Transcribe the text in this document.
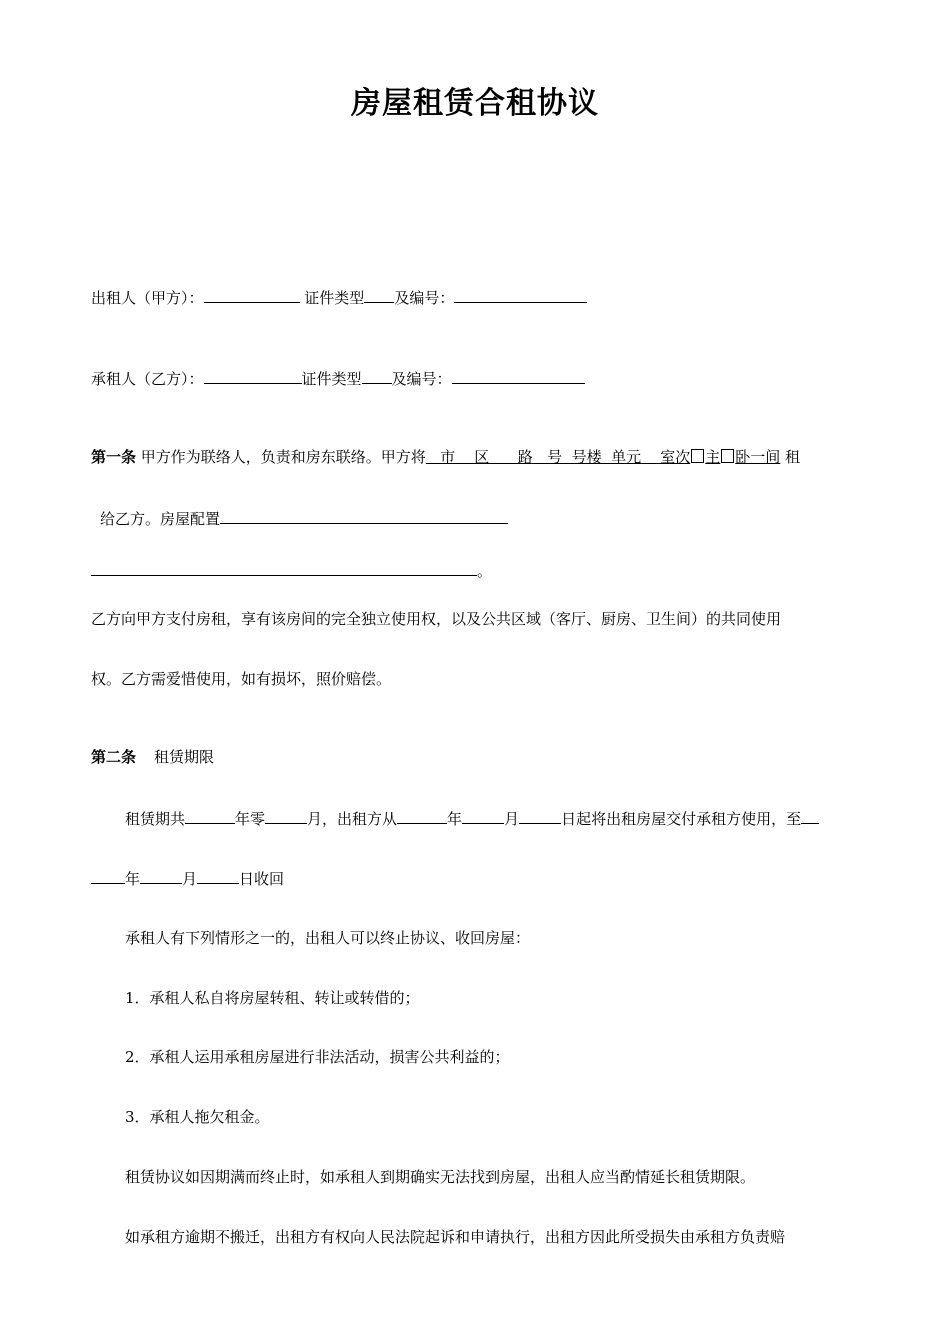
房屋租赁合租协议
出租人（甲方）：	证件类型 及编号：
承租人（乙方）：	证件类型 及编号：
第一条 甲方作为联络人，负责和房东联络。甲方将   市    区      路   号  号楼  单元    室次 主 卧一间 租
给乙方。房屋配置
。
乙方向甲方支付房租，享有该房间的完全独立使用权，以及公共区域（客厅、厨房、卫生间）的共同使用
权。乙方需爱惜使用，如有损坏，照价赔偿。
第二条 租赁期限
租赁期共	年零	月，出租方从	年	月	日起将出租房屋交付承租方使用，至
年	月	日收回
承租人有下列情形之一的，出租人可以终止协议、收回房屋：
1．承租人私自将房屋转租、转让或转借的；
2．承租人运用承租房屋进行非法活动，损害公共利益的；
3．承租人拖欠租金。
租赁协议如因期满而终止时，如承租人到期确实无法找到房屋，出租人应当酌情延长租赁期限。
如承租方逾期不搬迁，出租方有权向人民法院起诉和申请执行，出租方因此所受损失由承租方负责赔
